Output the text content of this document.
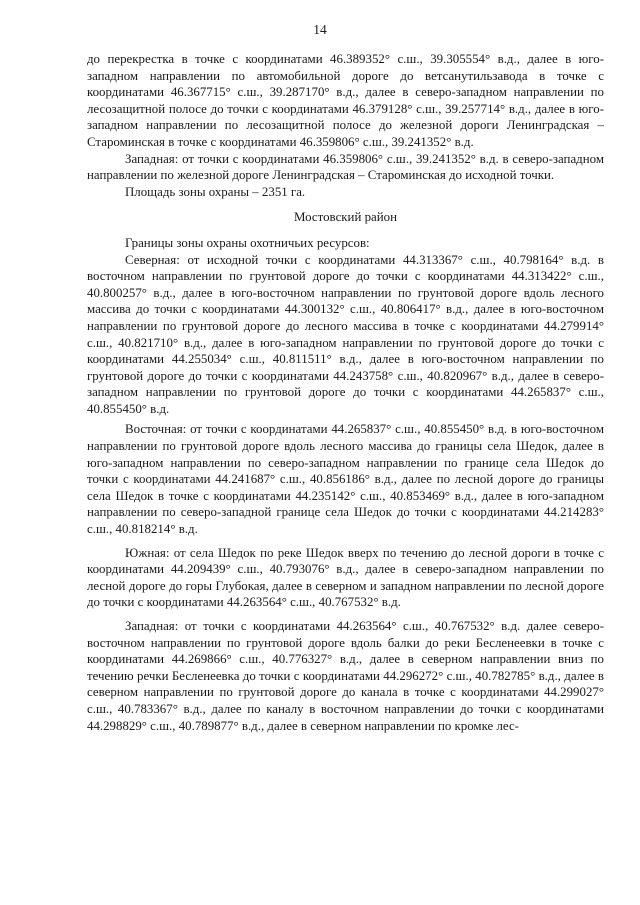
14

до перекрестка в точке с координатами 46.389352° с.ш., 39.305554° в.д., далее в юго-западном направлении по автомобильной дороге до ветсанутильзавода в точке с координатами 46.367715° с.ш., 39.287170° в.д., далее в северо-западном направлении по лесозащитной полосе до точки с координатами 46.379128° с.ш., 39.257714° в.д., далее в юго-западном направлении по лесозащитной полосе до железной дороги Ленинградская – Староминская в точке с координатами 46.359806° с.ш., 39.241352° в.д.

Западная: от точки с координатами 46.359806° с.ш., 39.241352° в.д. в северо-западном направлении по железной дороге Ленинградская – Староминская до исходной точки.

Площадь зоны охраны – 2351 га.

Мостовский район

Границы зоны охраны охотничьих ресурсов:

Северная: от исходной точки с координатами 44.313367° с.ш., 40.798164° в.д. в восточном направлении по грунтовой дороге до точки с координатами 44.313422° с.ш., 40.800257° в.д., далее в юго-восточном направлении по грунтовой дороге вдоль лесного массива до точки с координатами 44.300132° с.ш., 40.806417° в.д., далее в юго-восточном направлении по грунтовой дороге до лесного массива в точке с координатами 44.279914° с.ш., 40.821710° в.д., далее в юго-западном направлении по грунтовой дороге до точки с координатами 44.255034° с.ш., 40.811511° в.д., далее в юго-восточном направлении по грунтовой дороге до точки с координатами 44.243758° с.ш., 40.820967° в.д., далее в северо-западном направлении по грунтовой дороге до точки с координатами 44.265837° с.ш., 40.855450° в.д.

Восточная: от точки с координатами 44.265837° с.ш., 40.855450° в.д. в юго-восточном направлении по грунтовой дороге вдоль лесного массива до границы села Шедок, далее в юго-западном направлении по северо-западном направлении по границе села Шедок до точки с координатами 44.241687° с.ш., 40.856186° в.д., далее по лесной дороге до границы села Шедок в точке с координатами 44.235142° с.ш., 40.853469° в.д., далее в юго-западном направлении по северо-западной границе села Шедок до точки с координатами 44.214283° с.ш., 40.818214° в.д.

Южная: от села Шедок по реке Шедок вверх по течению до лесной дороги в точке с координатами 44.209439° с.ш., 40.793076° в.д., далее в северо-западном направлении по лесной дороге до горы Глубокая, далее в северном и западном направлении по лесной дороге до точки с координатами 44.263564° с.ш., 40.767532° в.д.

Западная: от точки с координатами 44.263564° с.ш., 40.767532° в.д. далее северо-восточном направлении по грунтовой дороге вдоль балки до реки Бесленеевки в точке с координатами 44.269866° с.ш., 40.776327° в.д., далее в северном направлении вниз по течению речки Бесленеевка до точки с координатами 44.296272° с.ш., 40.782785° в.д., далее в северном направлении по грунтовой дороге до канала в точке с координатами 44.299027° с.ш., 40.783367° в.д., далее по каналу в восточном направлении до точки с координатами 44.298829° с.ш., 40.789877° в.д., далее в северном направлении по кромке лес-
